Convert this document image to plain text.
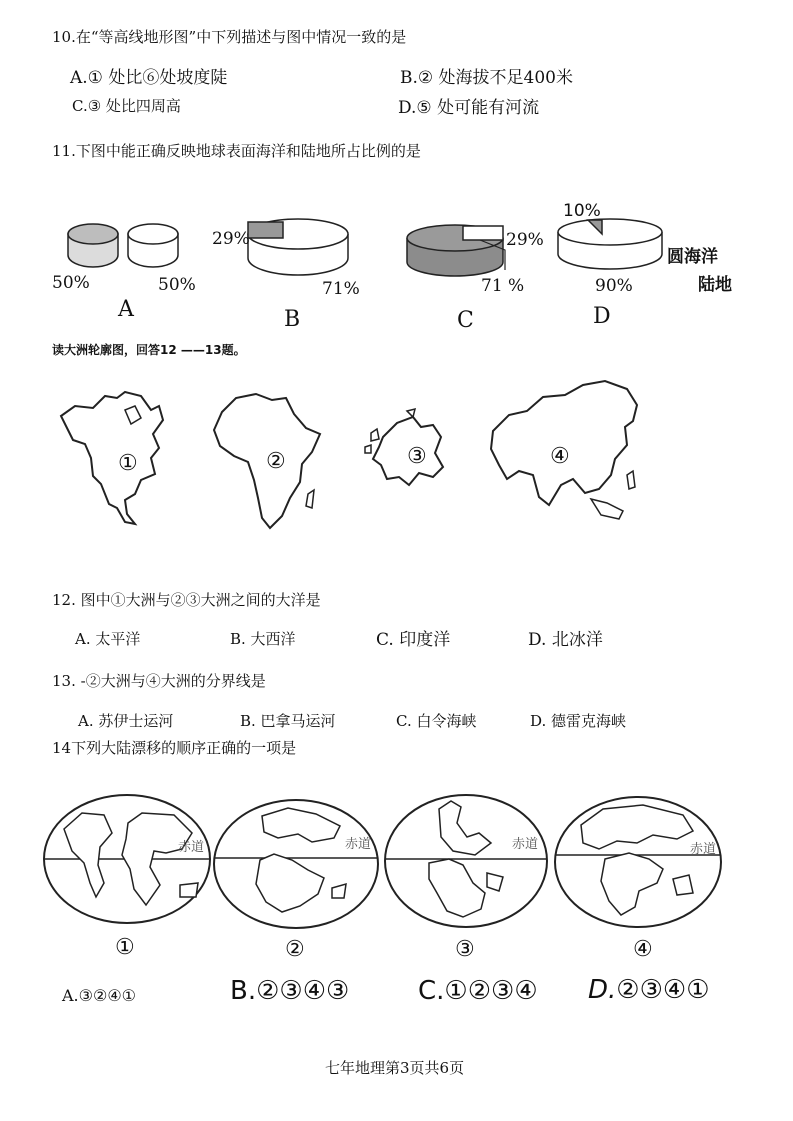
10.在“等高线地形图”中下列描述与图中情况一致的是
A.① 处比⑥处坡度陡	B.② 处海拔不足400米
C.③ 处比四周高	D.⑤ 处可能有河流
11.下图中能正确反映地球表面海洋和陆地所占比例的是
50%	50%
A
29%
71%
B
29%
71 %
C
10%
90%
D
圆海洋
陆地
读大洲轮廓图，回答12 ——13题。
①	②	③	④
12. 图中①大洲与②③大洲之间的大洋是
A. 太平洋	B. 大西洋	C. 印度洋	D. 北冰洋
13. -②大洲与④大洲的分界线是
A. 苏伊士运河	B. 巴拿马运河	C. 白令海峡	D. 德雷克海峡
14下列大陆漂移的顺序正确的一项是
赤道	赤道	赤道	赤道
①	②	③	④
A.③②④①	B.②③④③	C.①②③④ D.②③④①
七年地理第3页共6页
